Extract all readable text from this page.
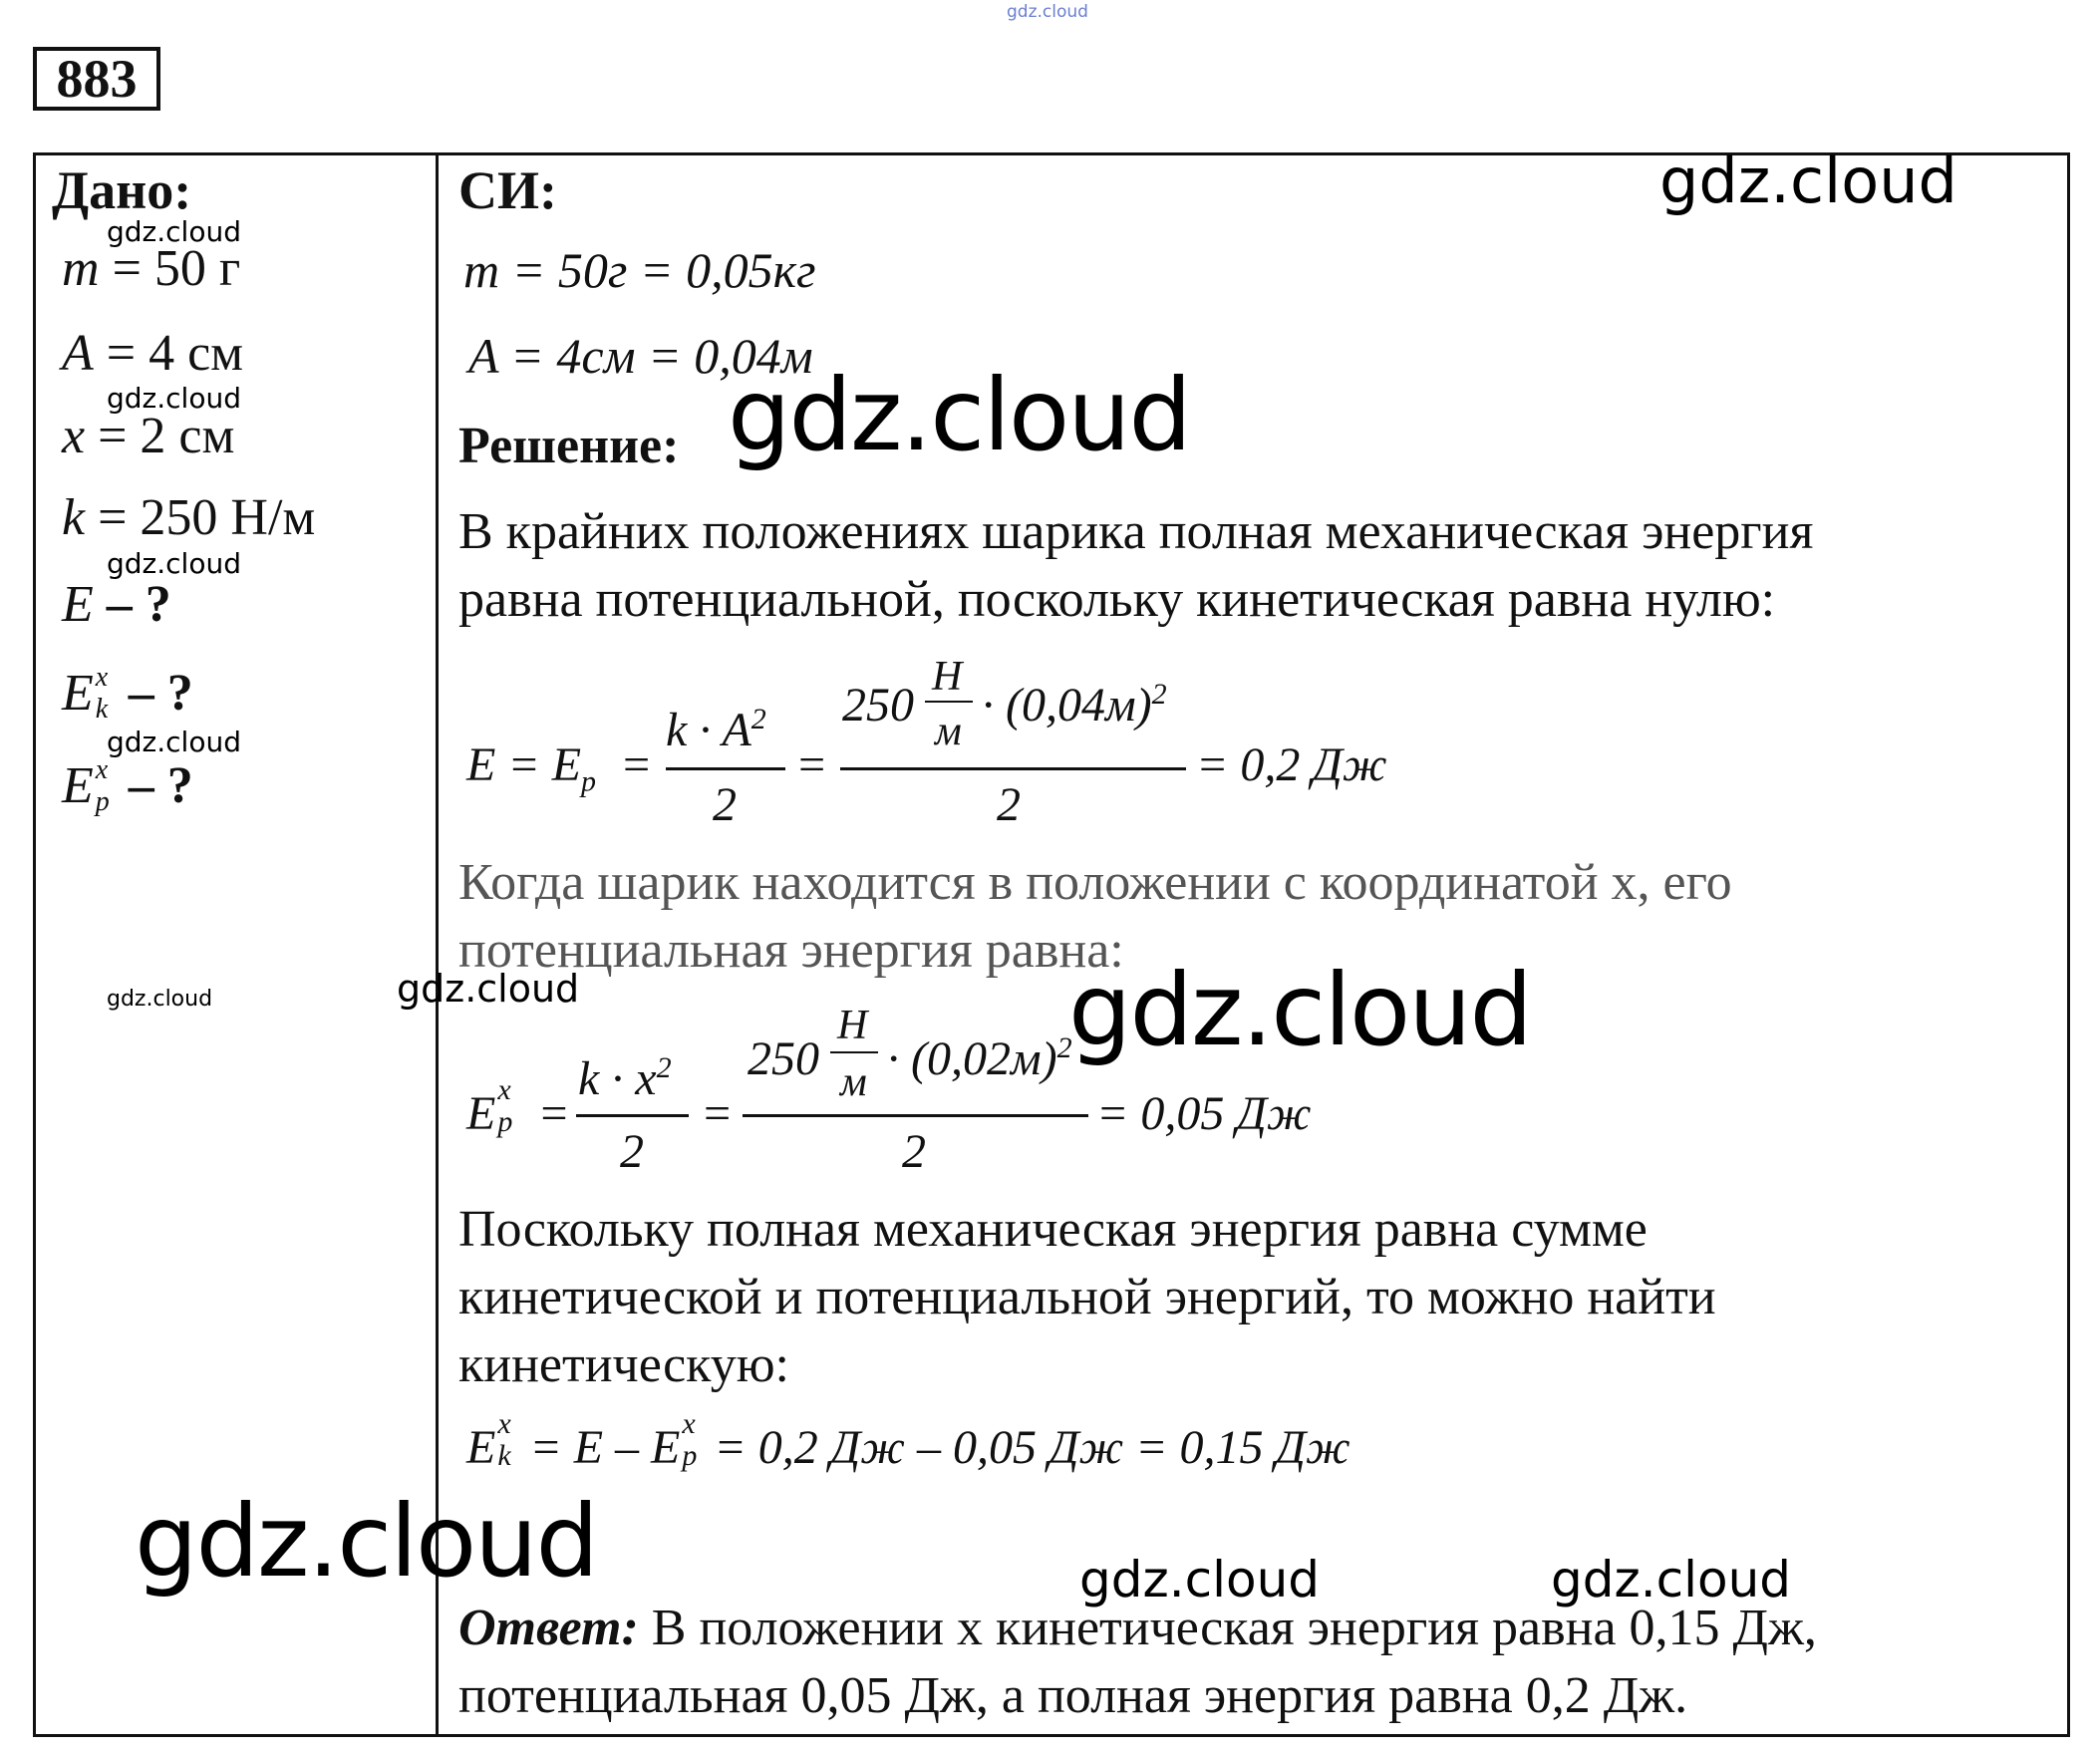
gdz.cloud
883
Дано:
gdz.cloud
m = 50 г
A = 4 см
gdz.cloud
x = 2 см
k = 250 Н/м
gdz.cloud
E – ?
E x
k – ?
gdz.cloud
E x
p – ?
gdz.cloud	gdz.cloud
СИ:	gdz.cloud
m = 50г = 0,05кг
A = 4см = 0,04м
Решение: gdz.cloud
В крайних положениях шарика полная механическая энергия
равна потенциальной, поскольку кинетическая равна нулю:
$E = E_p$ =
$k \cdot A^2$
2
=
250
Н
$м \cdot (0,04м)^2$
2
= 0,2 Дж
Когда шарик находится в положении с координатой x, его
потенциальная энергия равна:
gdz.cloud
E x
p =
$k \cdot x^2$
2
=
250
Н
$м \cdot (0,02м)^2$
2
= 0,05 Дж
Поскольку полная механическая энергия равна сумме
кинетической и потенциальной энергий, то можно найти
кинетическую:
E x
k = E – E x
p = 0,2 Дж – 0,05 Дж = 0,15 Дж
gdz.cloud	gdz.cloud	gdz.cloud
Ответ: В положении x кинетическая энергия равна 0,15 Дж,
потенциальная 0,05 Дж, а полная энергия равна 0,2 Дж.
